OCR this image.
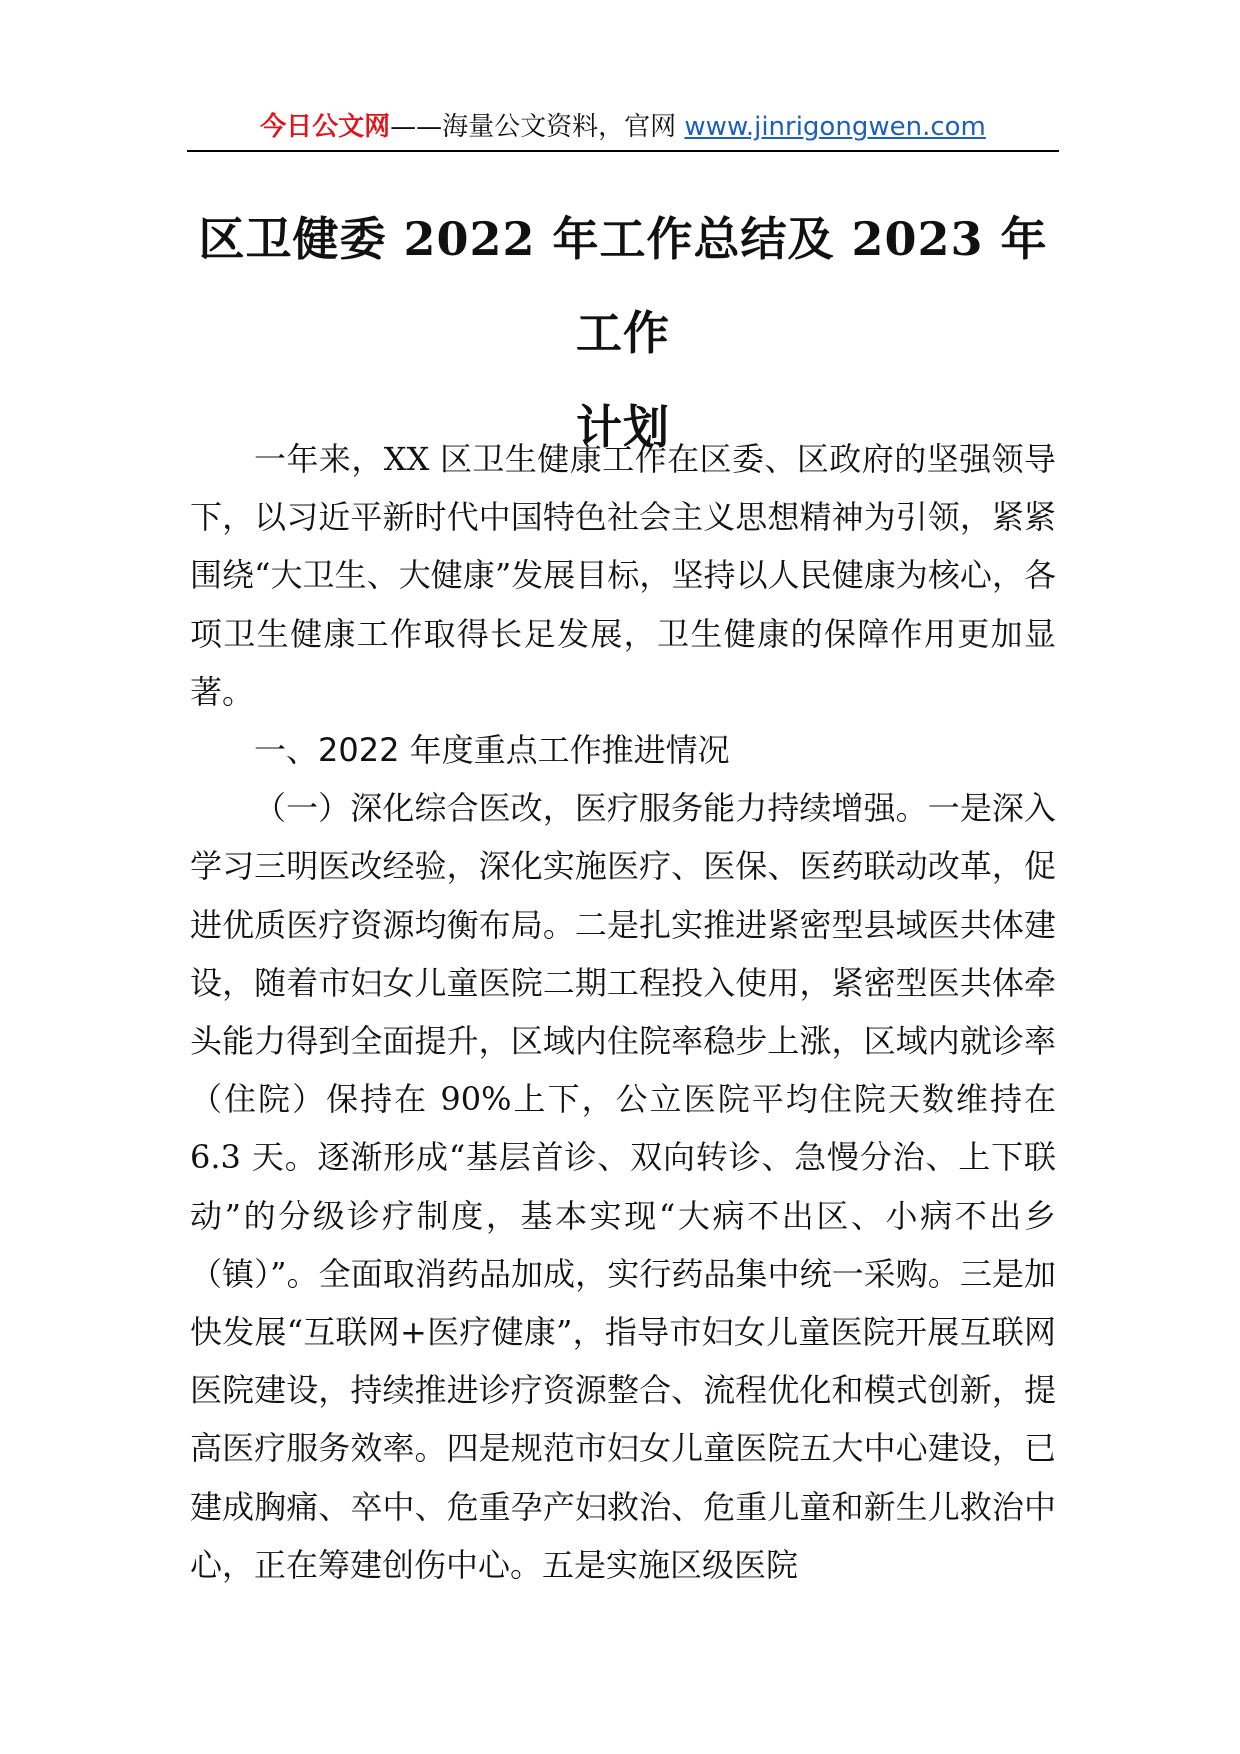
今日公文网——海量公文资料，官网 www.jinrigongwen.com
区卫健委 2022 年工作总结及 2023 年工作
计划

一年来，XX 区卫生健康工作在区委、区政府的坚强领导下，以习近平新时代中国特色社会主义思想精神为引领，紧紧围绕“大卫生、大健康”发展目标，坚持以人民健康为核心，各项卫生健康工作取得长足发展，卫生健康的保障作用更加显著。

一、2022 年度重点工作推进情况

（一）深化综合医改，医疗服务能力持续增强。一是深入学习三明医改经验，深化实施医疗、医保、医药联动改革，促进优质医疗资源均衡布局。二是扎实推进紧密型县域医共体建设，随着市妇女儿童医院二期工程投入使用，紧密型医共体牵头能力得到全面提升，区域内住院率稳步上涨，区域内就诊率（住院）保持在 90%上下，公立医院平均住院天数维持在 6.3 天。逐渐形成“基层首诊、双向转诊、急慢分治、上下联动”的分级诊疗制度，基本实现“大病不出区、小病不出乡（镇）”。全面取消药品加成，实行药品集中统一采购。三是加快发展“互联网+医疗健康”，指导市妇女儿童医院开展互联网医院建设，持续推进诊疗资源整合、流程优化和模式创新，提高医疗服务效率。四是规范市妇女儿童医院五大中心建设，已建成胸痛、卒中、危重孕产妇救治、危重儿童和新生儿救治中心，正在筹建创伤中心。五是实施区级医院
